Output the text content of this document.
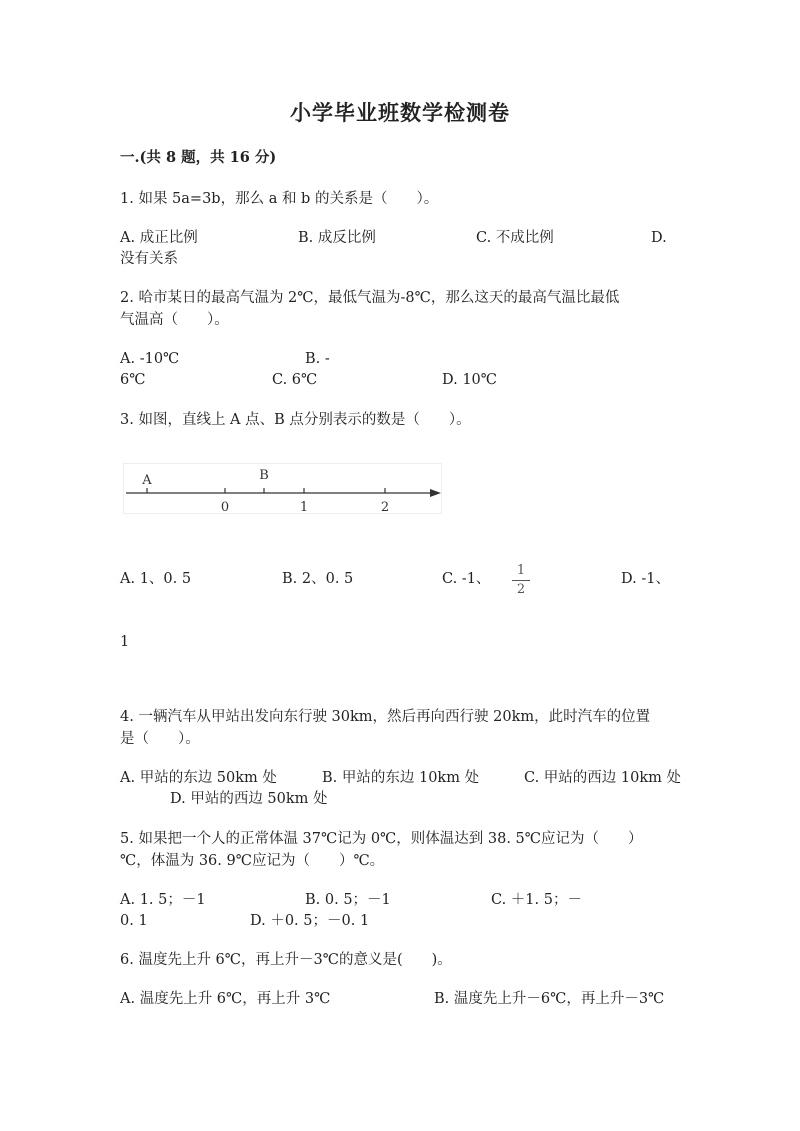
小学毕业班数学检测卷
一.(共 8 题，共 16 分)
1. 如果 5a=3b，那么 a 和 b 的关系是（　　）。
A. 成正比例	B. 成反比例	C. 不成比例	D.
没有关系
2. 哈市某日的最高气温为 2℃，最低气温为-8℃，那么这天的最高气温比最低
气温高（　　）。
A. -10℃	B. -
6℃	C. 6℃	D. 10℃
3. 如图，直线上 A 点、B 点分别表示的数是（　　）。
A	B
0	1	2
A. 1、0. 5	B. 2、0. 5	C. -1、
1
2
D. -1、
1
4. 一辆汽车从甲站出发向东行驶 30km，然后再向西行驶 20km，此时汽车的位置
是（　　）。
A. 甲站的东边 50km 处	B. 甲站的东边 10km 处	C. 甲站的西边 10km 处
D. 甲站的西边 50km 处
5. 如果把一个人的正常体温 37℃记为 0℃，则体温达到 38. 5℃应记为（　　）
℃，体温为 36. 9℃应记为（　　）℃。
A. 1. 5；－1	B. 0. 5；－1	C. ＋1. 5；－
0. 1	D. ＋0. 5；－0. 1
6. 温度先上升 6℃，再上升－3℃的意义是(　　)。
A. 温度先上升 6℃，再上升 3℃	B. 温度先上升－6℃，再上升－3℃
